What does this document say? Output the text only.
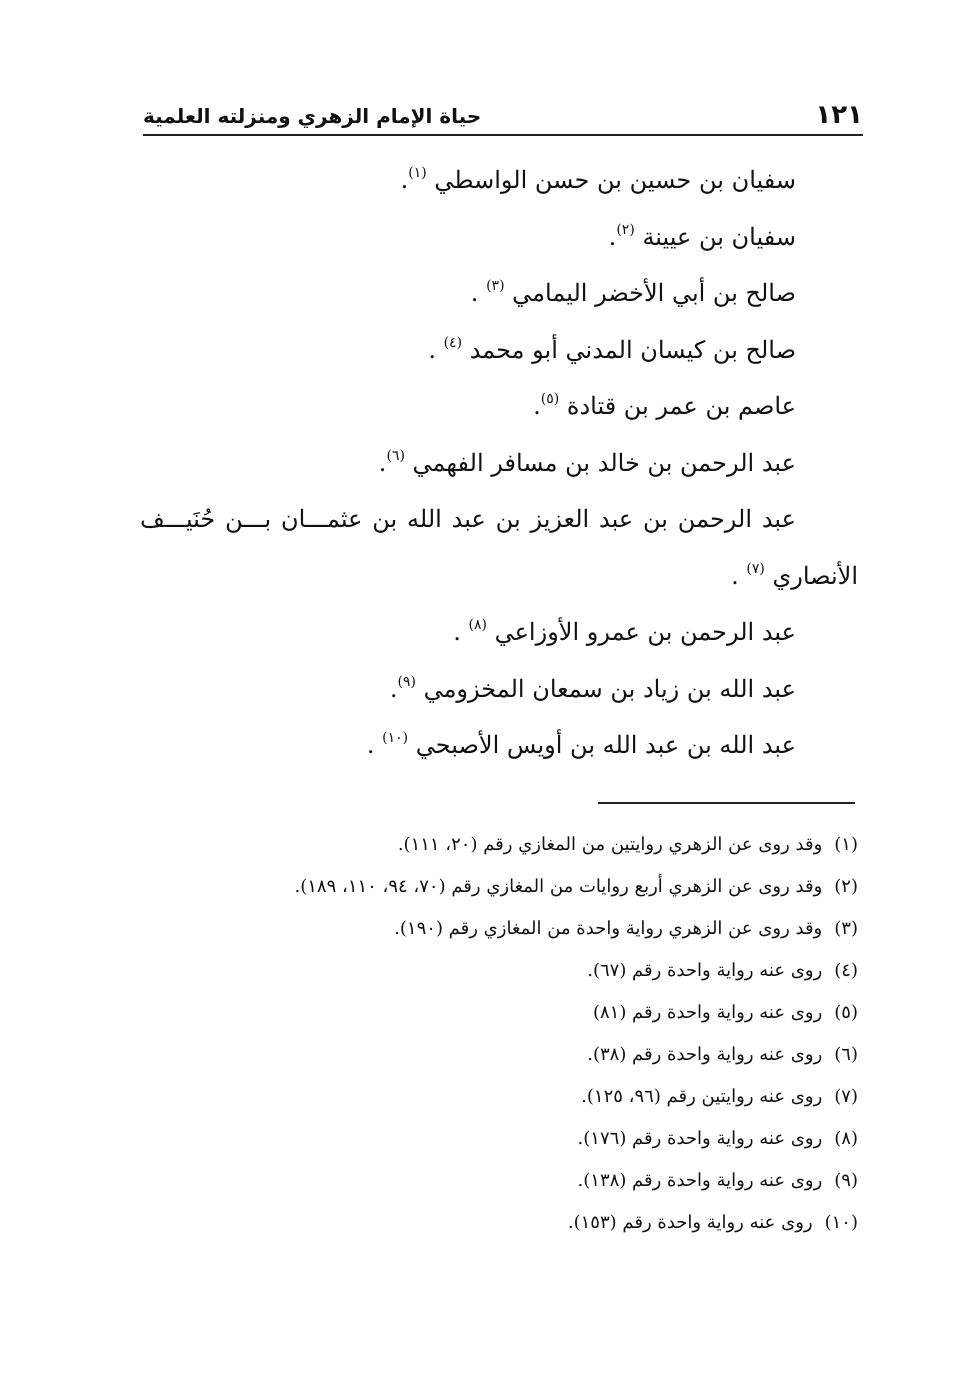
١٢١
حياة الإمام الزهري ومنزلته العلمية
سفيان بن حسين بن حسن الواسطي $^{(١)}$.
سفيان بن عيينة $^{(٢)}$.
صالح بن أبي الأخضر اليمامي $^{(٣)}$ .
صالح بن كيسان المدني أبو محمد $^{(٤)}$ .
عاصم بن عمر بن قتادة $^{(٥)}$.
عبد الرحمن بن خالد بن مسافر الفهمي $^{(٦)}$.
عبد الرحمن بن عبد العزيز بن عبد الله بن عثمـــان بـــن حُنَيـــف
الأنصاري $^{(٧)}$ .
عبد الرحمن بن عمرو الأوزاعي $^{(٨)}$ .
عبد الله بن زياد بن سمعان المخزومي $^{(٩)}$.
عبد الله بن عبد الله بن أويس الأصبحي $^{(١٠)}$ .
(١)وقد روى عن الزهري روايتين من المغازي رقم (٢٠، ١١١).
(٢)وقد روى عن الزهري أربع روايات من المغازي رقم (٧٠، ٩٤، ١١٠، ١٨٩).
(٣)وقد روى عن الزهري رواية واحدة من المغازي رقم (١٩٠).
(٤)روى عنه رواية واحدة رقم (٦٧).
(٥)روى عنه رواية واحدة رقم (٨١)
(٦)روى عنه رواية واحدة رقم (٣٨).
(٧)روى عنه روايتين رقم (٩٦، ١٢٥).
(٨)روى عنه رواية واحدة رقم (١٧٦).
(٩)روى عنه رواية واحدة رقم (١٣٨).
(١٠)روى عنه رواية واحدة رقم (١٥٣).
